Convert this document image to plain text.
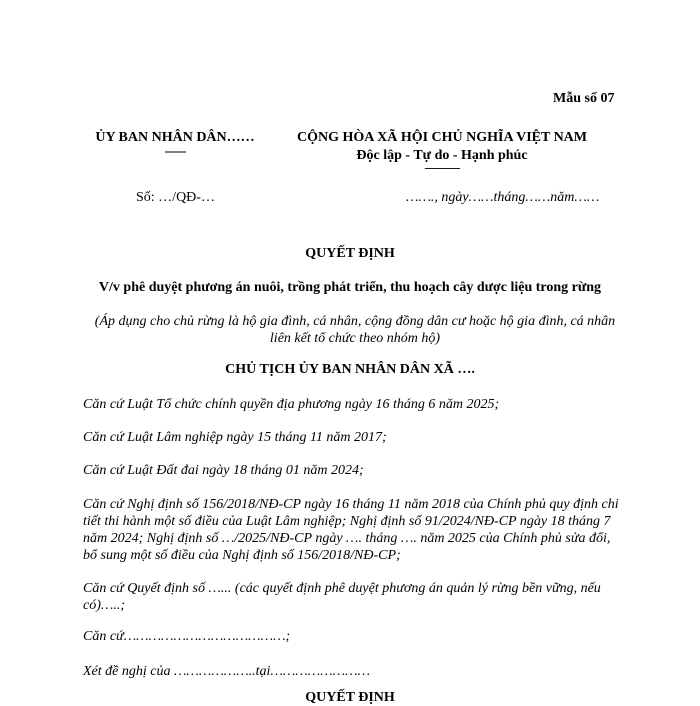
Mẫu số 07
ỦY BAN NHÂN DÂN……
-------
Số: …/QĐ-…
CỘNG HÒA XÃ HỘI CHỦ NGHĨA VIỆT NAM
Độc lập - Tự do - Hạnh phúc
---------------
……., ngày……tháng……năm……
QUYẾT ĐỊNH
V/v phê duyệt phương án nuôi, trồng phát triển, thu hoạch cây dược liệu trong rừng
(Áp dụng cho chủ rừng là hộ gia đình, cá nhân, cộng đồng dân cư hoặc hộ gia đình, cá nhân liên kết tổ chức theo nhóm hộ)
CHỦ TỊCH ỦY BAN NHÂN DÂN XÃ ….
Căn cứ Luật Tổ chức chính quyền địa phương ngày 16 tháng 6 năm 2025;
Căn cứ Luật Lâm nghiệp ngày 15 tháng 11 năm 2017;
Căn cứ Luật Đất đai ngày 18 tháng 01 năm 2024;
Căn cứ Nghị định số 156/2018/NĐ-CP ngày 16 tháng 11 năm 2018 của Chính phủ quy định chi tiết thi hành một số điều của Luật Lâm nghiệp; Nghị định số 91/2024/NĐ-CP ngày 18 tháng 7 năm 2024; Nghị định số …/2025/NĐ-CP ngày …. tháng …. năm 2025 của Chính phủ sửa đổi, bổ sung một số điều của Nghị định số 156/2018/NĐ-CP;
Căn cứ Quyết định số …... (các quyết định phê duyệt phương án quản lý rừng bền vững, nếu có)…..;
Căn cứ…………………………………;
Xét đề nghị của ………………..tại……………………
QUYẾT ĐỊNH
